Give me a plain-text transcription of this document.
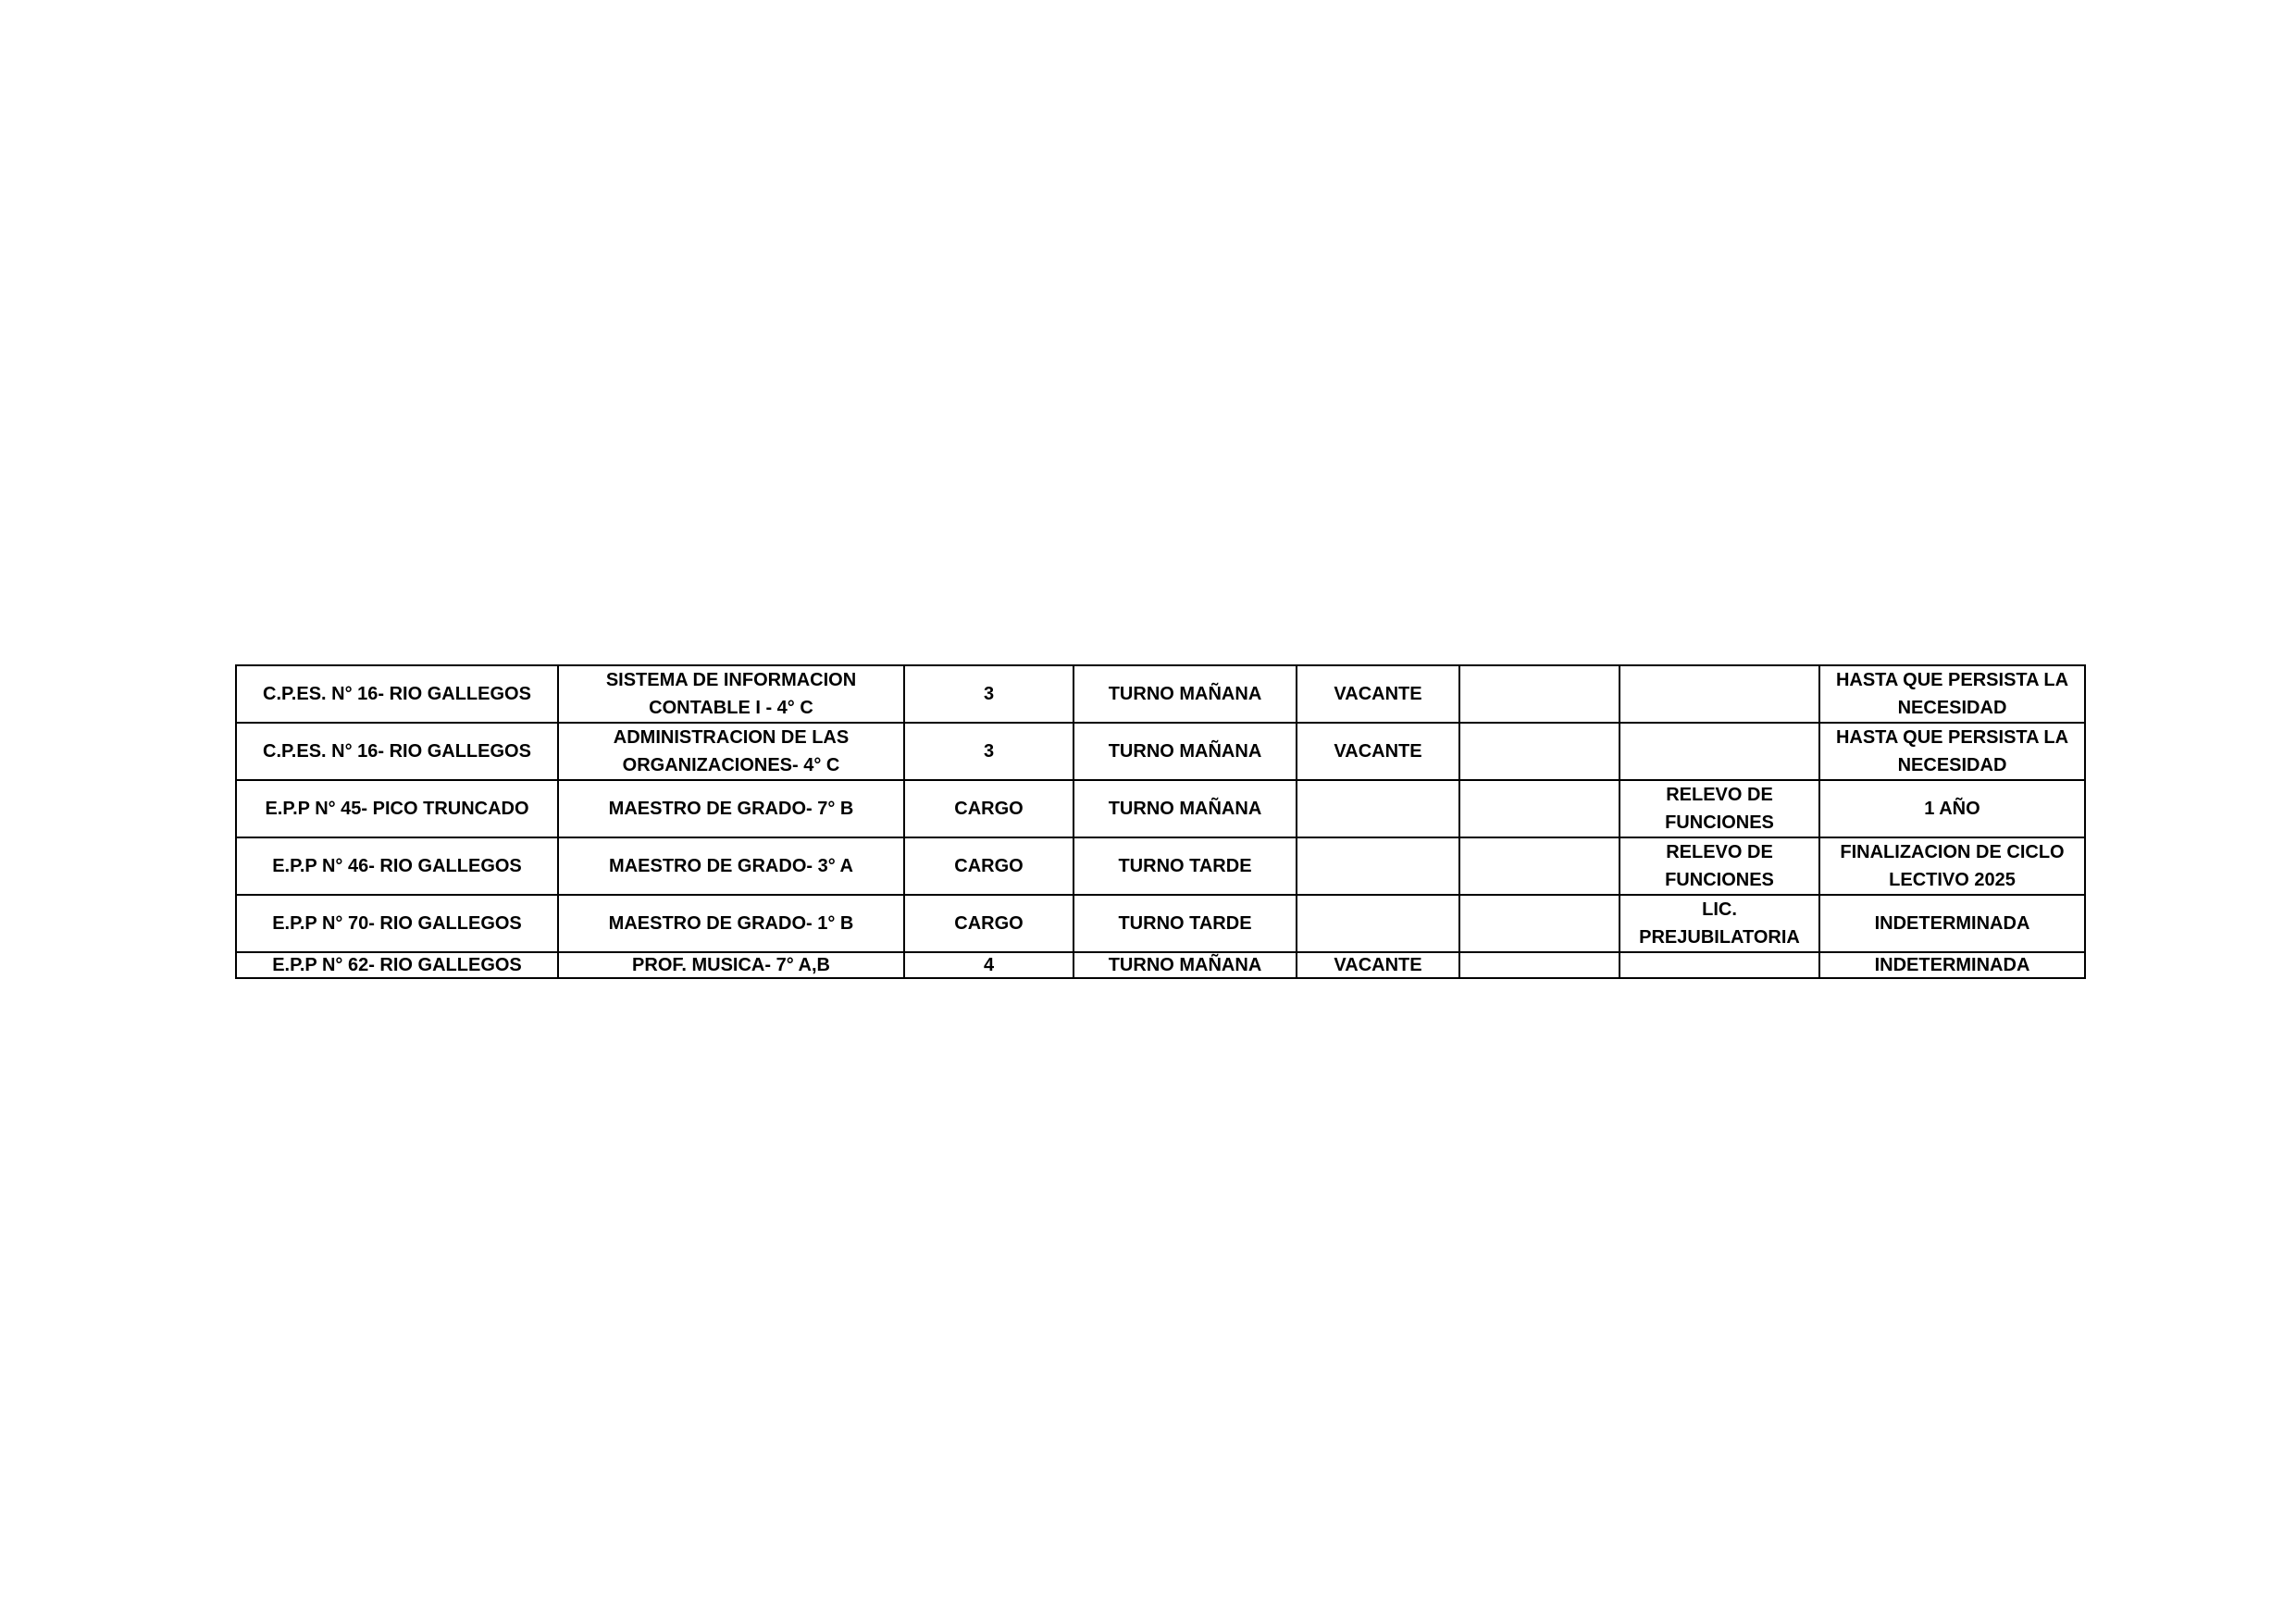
C.P.ES. N° 16- RIO GALLEGOS	SISTEMA DE INFORMACION CONTABLE I - 4° C	3	TURNO MAÑANA	VACANTE			HASTA QUE PERSISTA LA NECESIDAD
C.P.ES. N° 16- RIO GALLEGOS	ADMINISTRACION DE LAS ORGANIZACIONES- 4° C	3	TURNO MAÑANA	VACANTE			HASTA QUE PERSISTA LA NECESIDAD
E.P.P N° 45- PICO TRUNCADO	MAESTRO DE GRADO- 7° B	CARGO	TURNO MAÑANA			RELEVO DE FUNCIONES	1 AÑO
E.P.P N° 46- RIO GALLEGOS	MAESTRO DE GRADO- 3° A	CARGO	TURNO TARDE			RELEVO DE FUNCIONES	FINALIZACION DE CICLO LECTIVO 2025
E.P.P N° 70- RIO GALLEGOS	MAESTRO DE GRADO- 1° B	CARGO	TURNO TARDE			LIC. PREJUBILATORIA	INDETERMINADA
E.P.P N° 62- RIO GALLEGOS	PROF. MUSICA- 7° A,B	4	TURNO MAÑANA	VACANTE			INDETERMINADA
